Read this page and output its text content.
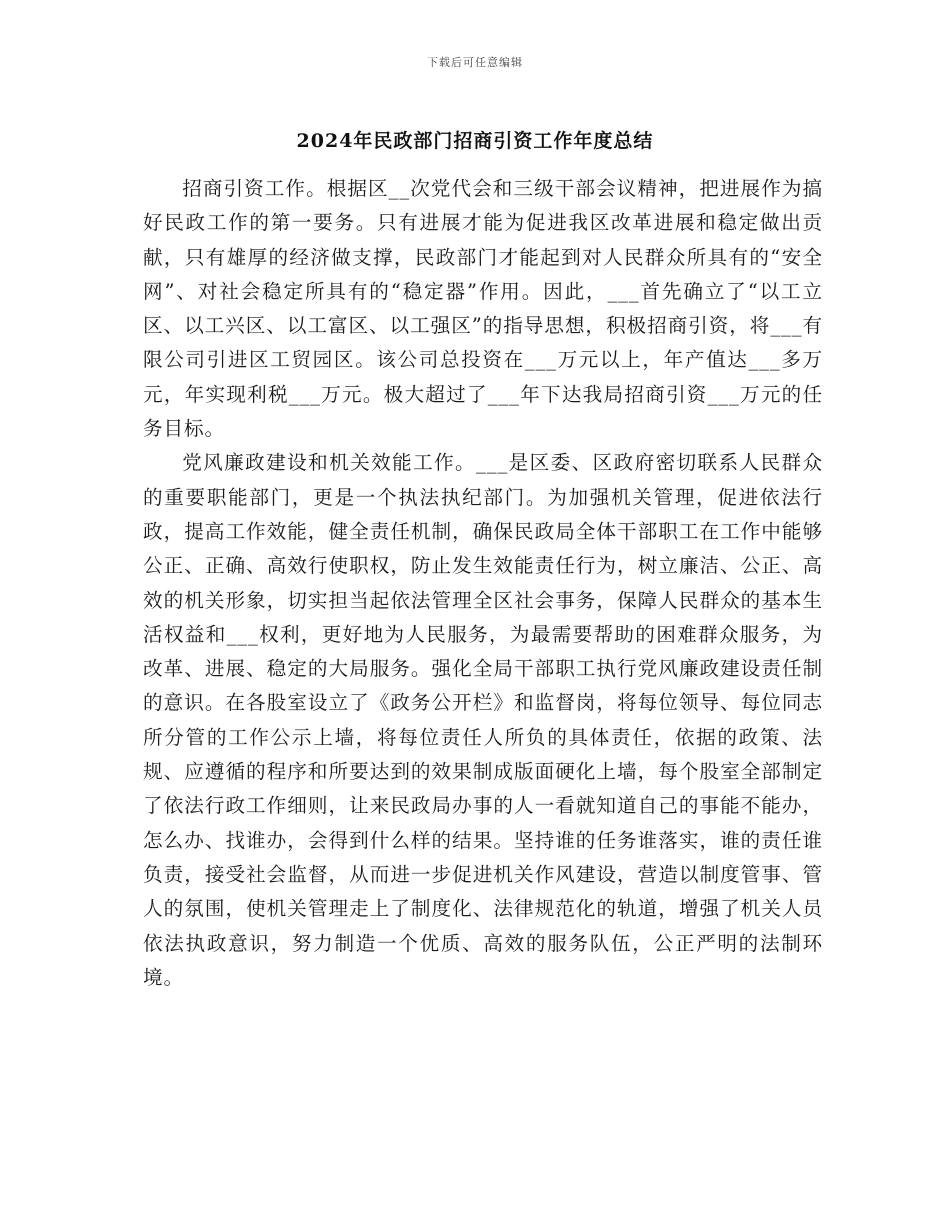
下载后可任意编辑
2024年民政部门招商引资工作年度总结

招商引资工作。根据区__次党代会和三级干部会议精神，把进展作为搞好民政工作的第一要务。只有进展才能为促进我区改革进展和稳定做出贡献，只有雄厚的经济做支撑，民政部门才能起到对人民群众所具有的“安全网”、对社会稳定所具有的“稳定器”作用。因此，___首先确立了“以工立区、以工兴区、以工富区、以工强区”的指导思想，积极招商引资，将___有限公司引进区工贸园区。该公司总投资在___万元以上，年产值达___多万元，年实现利税___万元。极大超过了___年下达我局招商引资___万元的任务目标。

党风廉政建设和机关效能工作。___是区委、区政府密切联系人民群众的重要职能部门，更是一个执法执纪部门。为加强机关管理，促进依法行政，提高工作效能，健全责任机制，确保民政局全体干部职工在工作中能够公正、正确、高效行使职权，防止发生效能责任行为，树立廉洁、公正、高效的机关形象，切实担当起依法管理全区社会事务，保障人民群众的基本生活权益和___权利，更好地为人民服务，为最需要帮助的困难群众服务，为改革、进展、稳定的大局服务。强化全局干部职工执行党风廉政建设责任制的意识。在各股室设立了《政务公开栏》和监督岗，将每位领导、每位同志所分管的工作公示上墙，将每位责任人所负的具体责任，依据的政策、法规、应遵循的程序和所要达到的效果制成版面硬化上墙，每个股室全部制定了依法行政工作细则，让来民政局办事的人一看就知道自己的事能不能办，怎么办、找谁办，会得到什么样的结果。坚持谁的任务谁落实，谁的责任谁负责，接受社会监督，从而进一步促进机关作风建设，营造以制度管事、管人的氛围，使机关管理走上了制度化、法律规范化的轨道，增强了机关人员依法执政意识，努力制造一个优质、高效的服务队伍，公正严明的法制环境。
